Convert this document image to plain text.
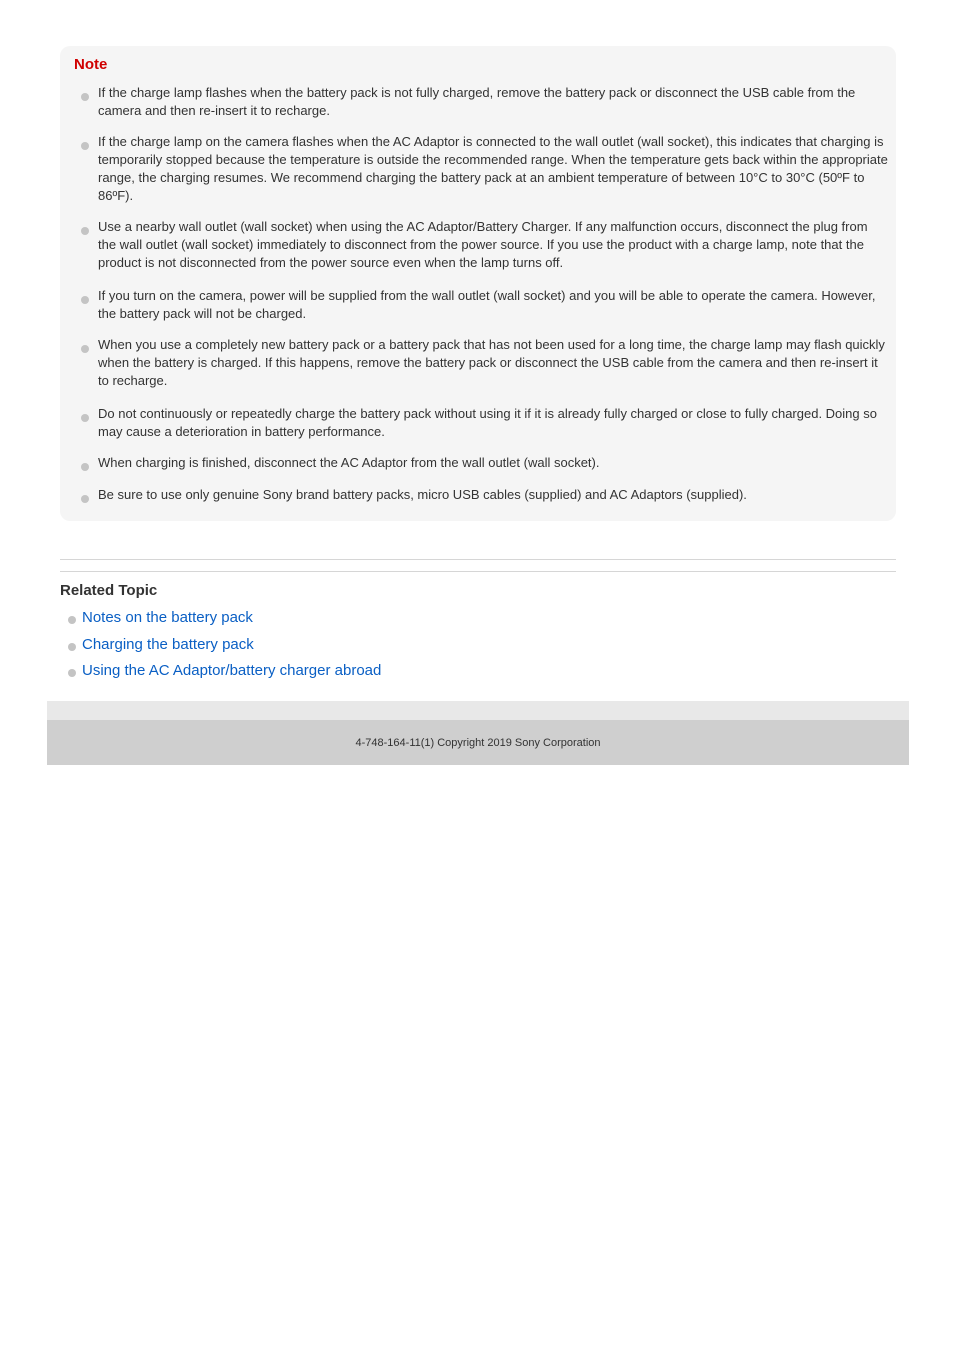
Note

If the charge lamp flashes when the battery pack is not fully charged, remove the battery pack or disconnect the USB cable from the camera and then re-insert it to recharge.

If the charge lamp on the camera flashes when the AC Adaptor is connected to the wall outlet (wall socket), this indicates that charging is temporarily stopped because the temperature is outside the recommended range. When the temperature gets back within the appropriate range, the charging resumes. We recommend charging the battery pack at an ambient temperature of between 10°C to 30°C (50ºF to 86ºF).

Use a nearby wall outlet (wall socket) when using the AC Adaptor/Battery Charger. If any malfunction occurs, disconnect the plug from the wall outlet (wall socket) immediately to disconnect from the power source. If you use the product with a charge lamp, note that the product is not disconnected from the power source even when the lamp turns off.

If you turn on the camera, power will be supplied from the wall outlet (wall socket) and you will be able to operate the camera. However, the battery pack will not be charged.

When you use a completely new battery pack or a battery pack that has not been used for a long time, the charge lamp may flash quickly when the battery is charged. If this happens, remove the battery pack or disconnect the USB cable from the camera and then re-insert it to recharge.

Do not continuously or repeatedly charge the battery pack without using it if it is already fully charged or close to fully charged. Doing so may cause a deterioration in battery performance.

When charging is finished, disconnect the AC Adaptor from the wall outlet (wall socket).

Be sure to use only genuine Sony brand battery packs, micro USB cables (supplied) and AC Adaptors (supplied).

Related Topic
Notes on the battery pack
Charging the battery pack
Using the AC Adaptor/battery charger abroad
4-748-164-11(1) Copyright 2019 Sony Corporation
